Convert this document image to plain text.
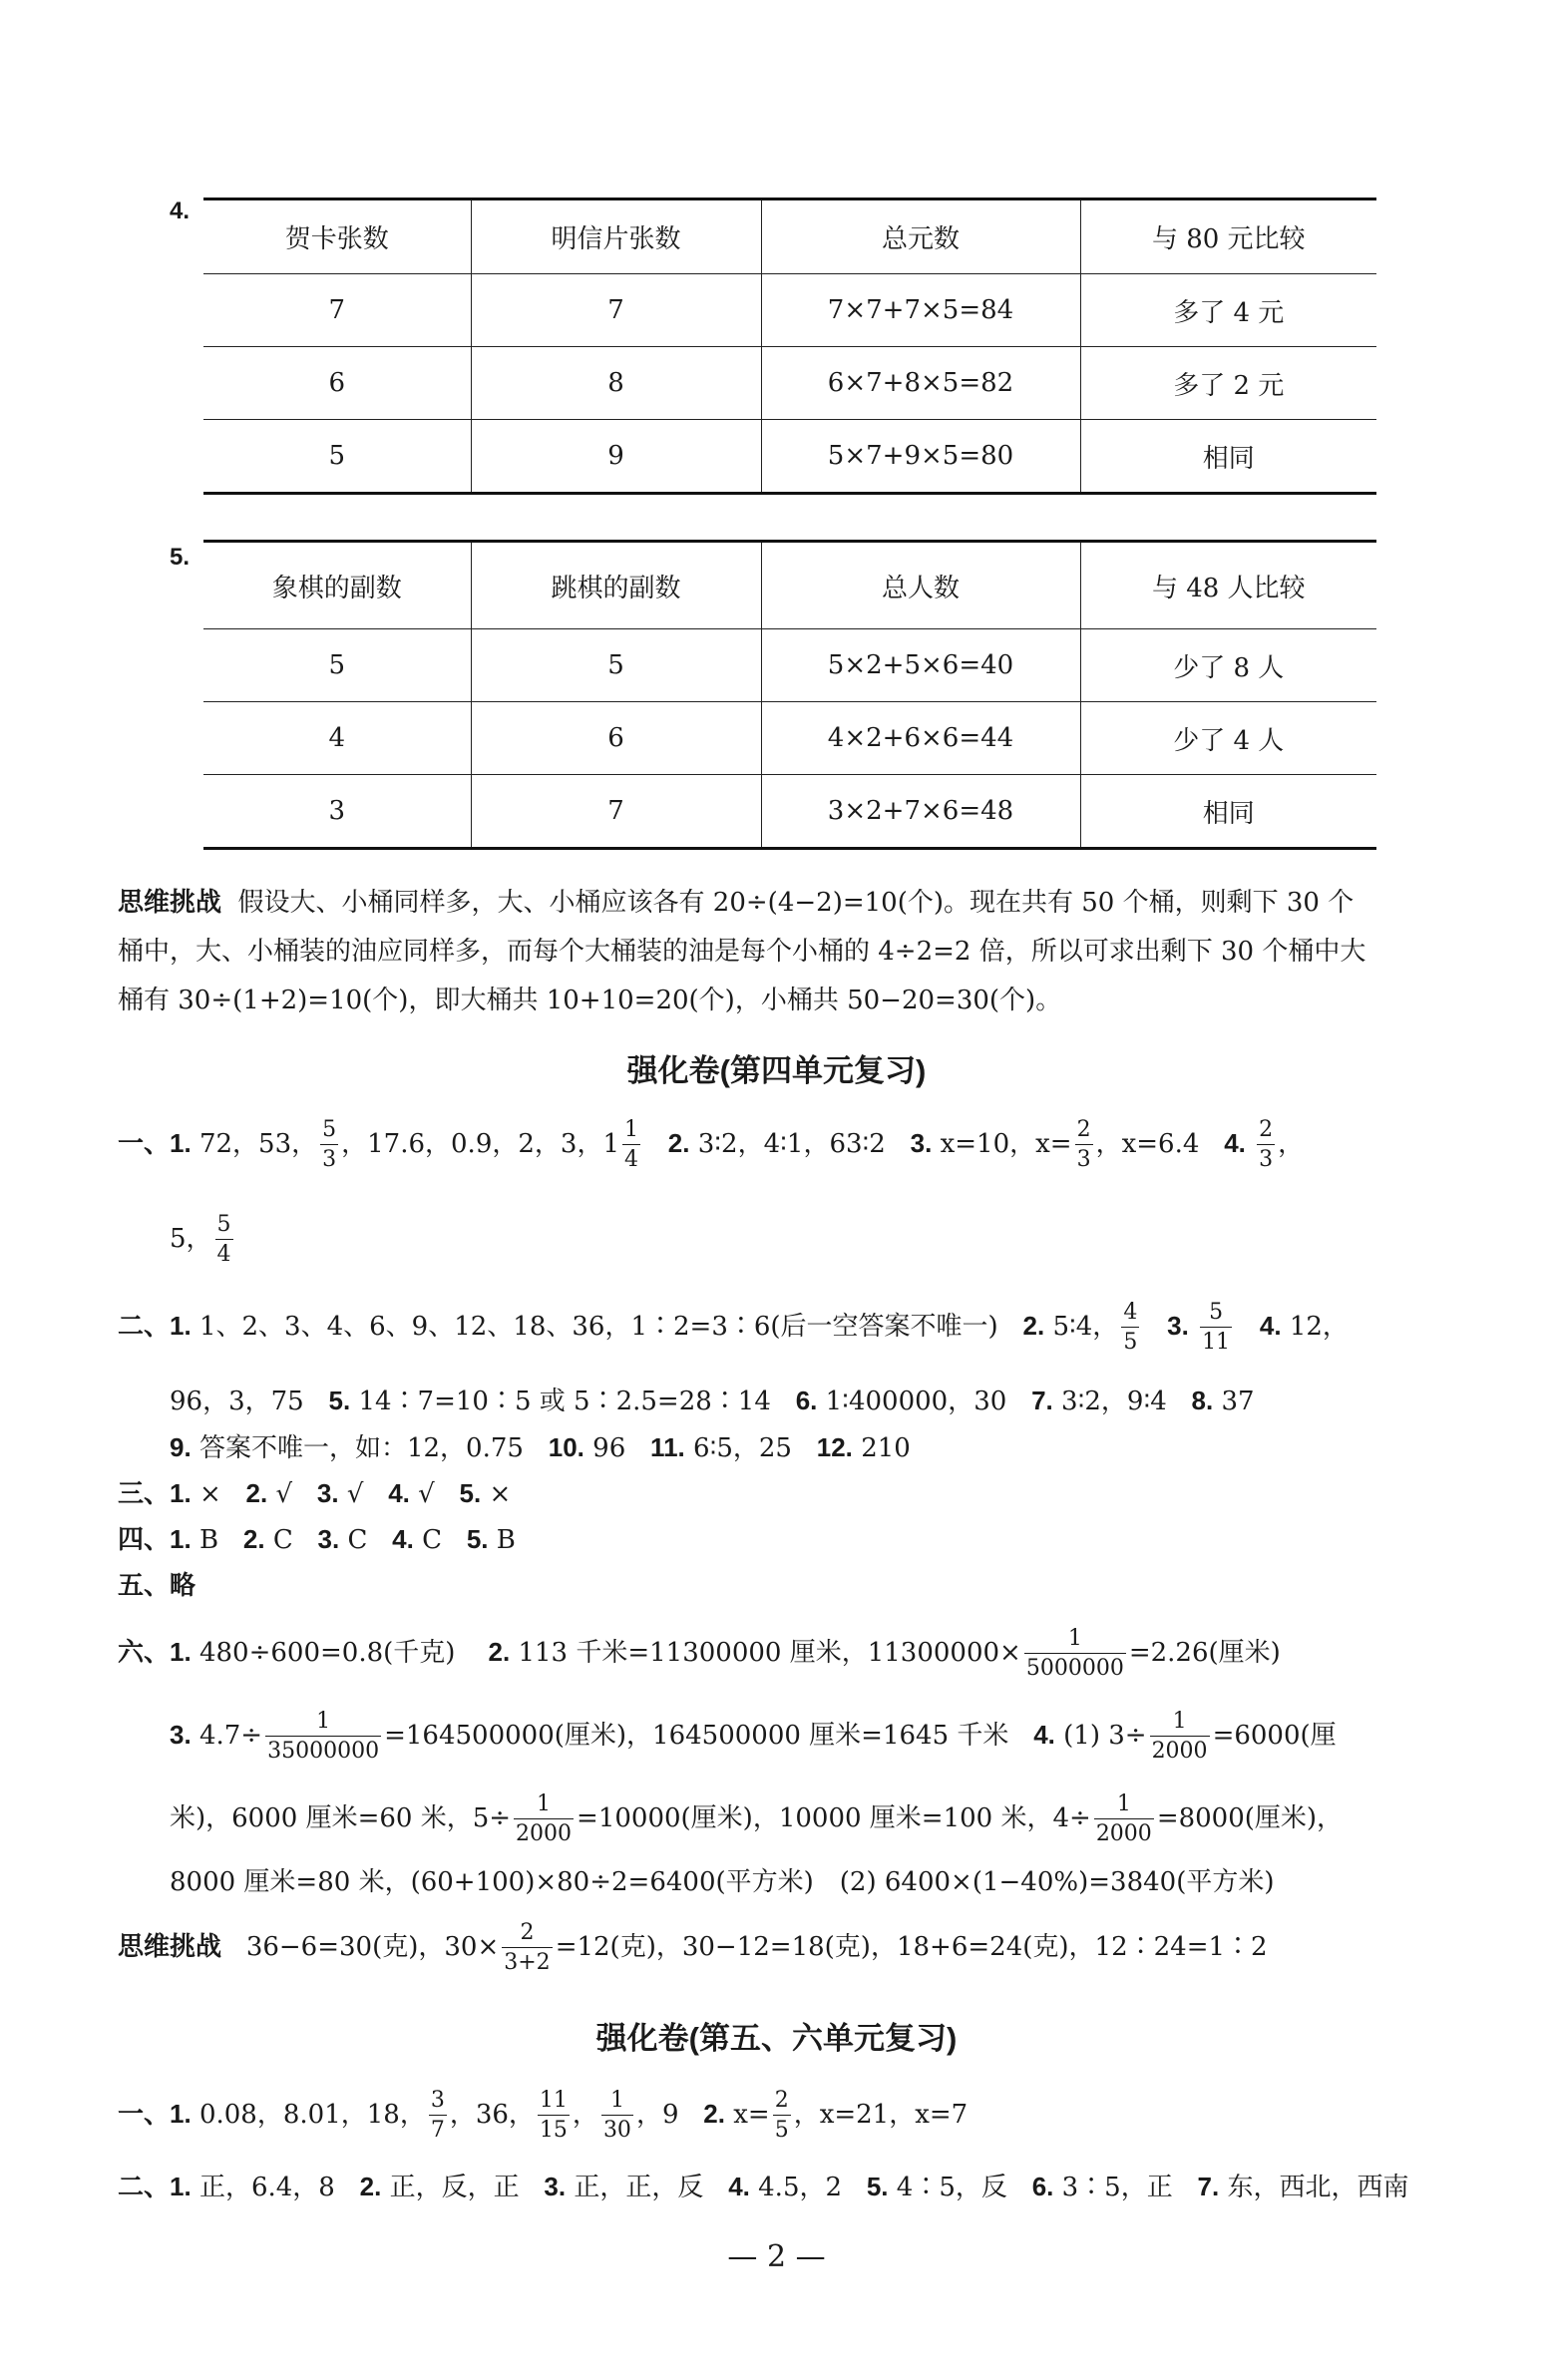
4.
贺卡张数	明信片张数	总元数	与 80 元比较
7	7	7×7+7×5=84	多了 4 元
6	8	6×7+8×5=82	多了 2 元
5	9	5×7+9×5=80	相同
5.
象棋的副数	跳棋的副数	总人数	与 48 人比较
5	5	5×2+5×6=40	少了 8 人
4	6	4×2+6×6=44	少了 4 人
3	7	3×2+7×6=48	相同
思维挑战 假设大、小桶同样多，大、小桶应该各有 20÷(4−2)=10(个)。现在共有 50 个桶，则剩下 30 个桶中，大、小桶装的油应同样多，而每个大桶装的油是每个小桶的 4÷2=2 倍，所以可求出剩下 30 个桶中大桶有 30÷(1+2)=10(个)，即大桶共 10+10=20(个)，小桶共 50−20=30(个)。
强化卷(第四单元复习)
一、1. 72，53， $\frac{5}{3}$ ，17.6，0.9，2，3，$1 \frac{1}{4} 2$. 3∶2，4∶1，63∶2 3. x=10，$x= \frac{2}{3}$ ，x=6.4 4. $\frac{2}{3}$ ，
5， $\frac{5}{4}$
二、1. 1、2、3、4、6、9、12、18、36，1∶2=3∶6(后一空答案不唯一) 2. 5∶4， $\frac{4}{5} 3$. $\frac{5}{11} 4$. 12，
96，3，75 5. 14∶7=10∶5 或 5∶2.5=28∶14 6. 1∶400000，30 7. 3∶2，9∶4 8. 37
9. 答案不唯一，如：12，0.75 10. 96 11. 6∶5，25 12. 210
三、1. × 2. √ 3. √ 4. √ 5. ×
四、1. B 2. C 3. C 4. C 5. B
五、略
六、1. 480÷600=0.8(千克) 2. 113 千米=11300000 厘米，$11300000\times \frac{1}{5000000} =2.26$(厘米)
3. $4.7\div \frac{1}{35000000} =164500000$(厘米)，164500000 厘米=1645 千米 4. (1) $3\div \frac{1}{2000} =6000$(厘
米)，6000 厘米=60 米，$5\div \frac{1}{2000} =10000$(厘米)，10000 厘米=100 米，$4\div \frac{1}{2000} =8000$(厘米)，
8000 厘米=80 米，(60+100)×80÷2=6400(平方米)　(2) 6400×(1−40%)=3840(平方米)
思维挑战 36−6=30(克)，$30\times \frac{2}{3+2} =12$(克)，30−12=18(克)，18+6=24(克)，12∶24=1∶2
强化卷(第五、六单元复习)
一、1. 0.08，8.01，18， $\frac{3}{7}$ ，36， $\frac{11}{15}$ ， $\frac{1}{30}$ ，9 2. $x= \frac{2}{5}$ ，x=21，x=7
二、1. 正，6.4，8 2. 正，反，正 3. 正，正，反 4. 4.5，2 5. 4∶5，反 6. 3∶5，正 7. 东，西北，西南
— 2 —
